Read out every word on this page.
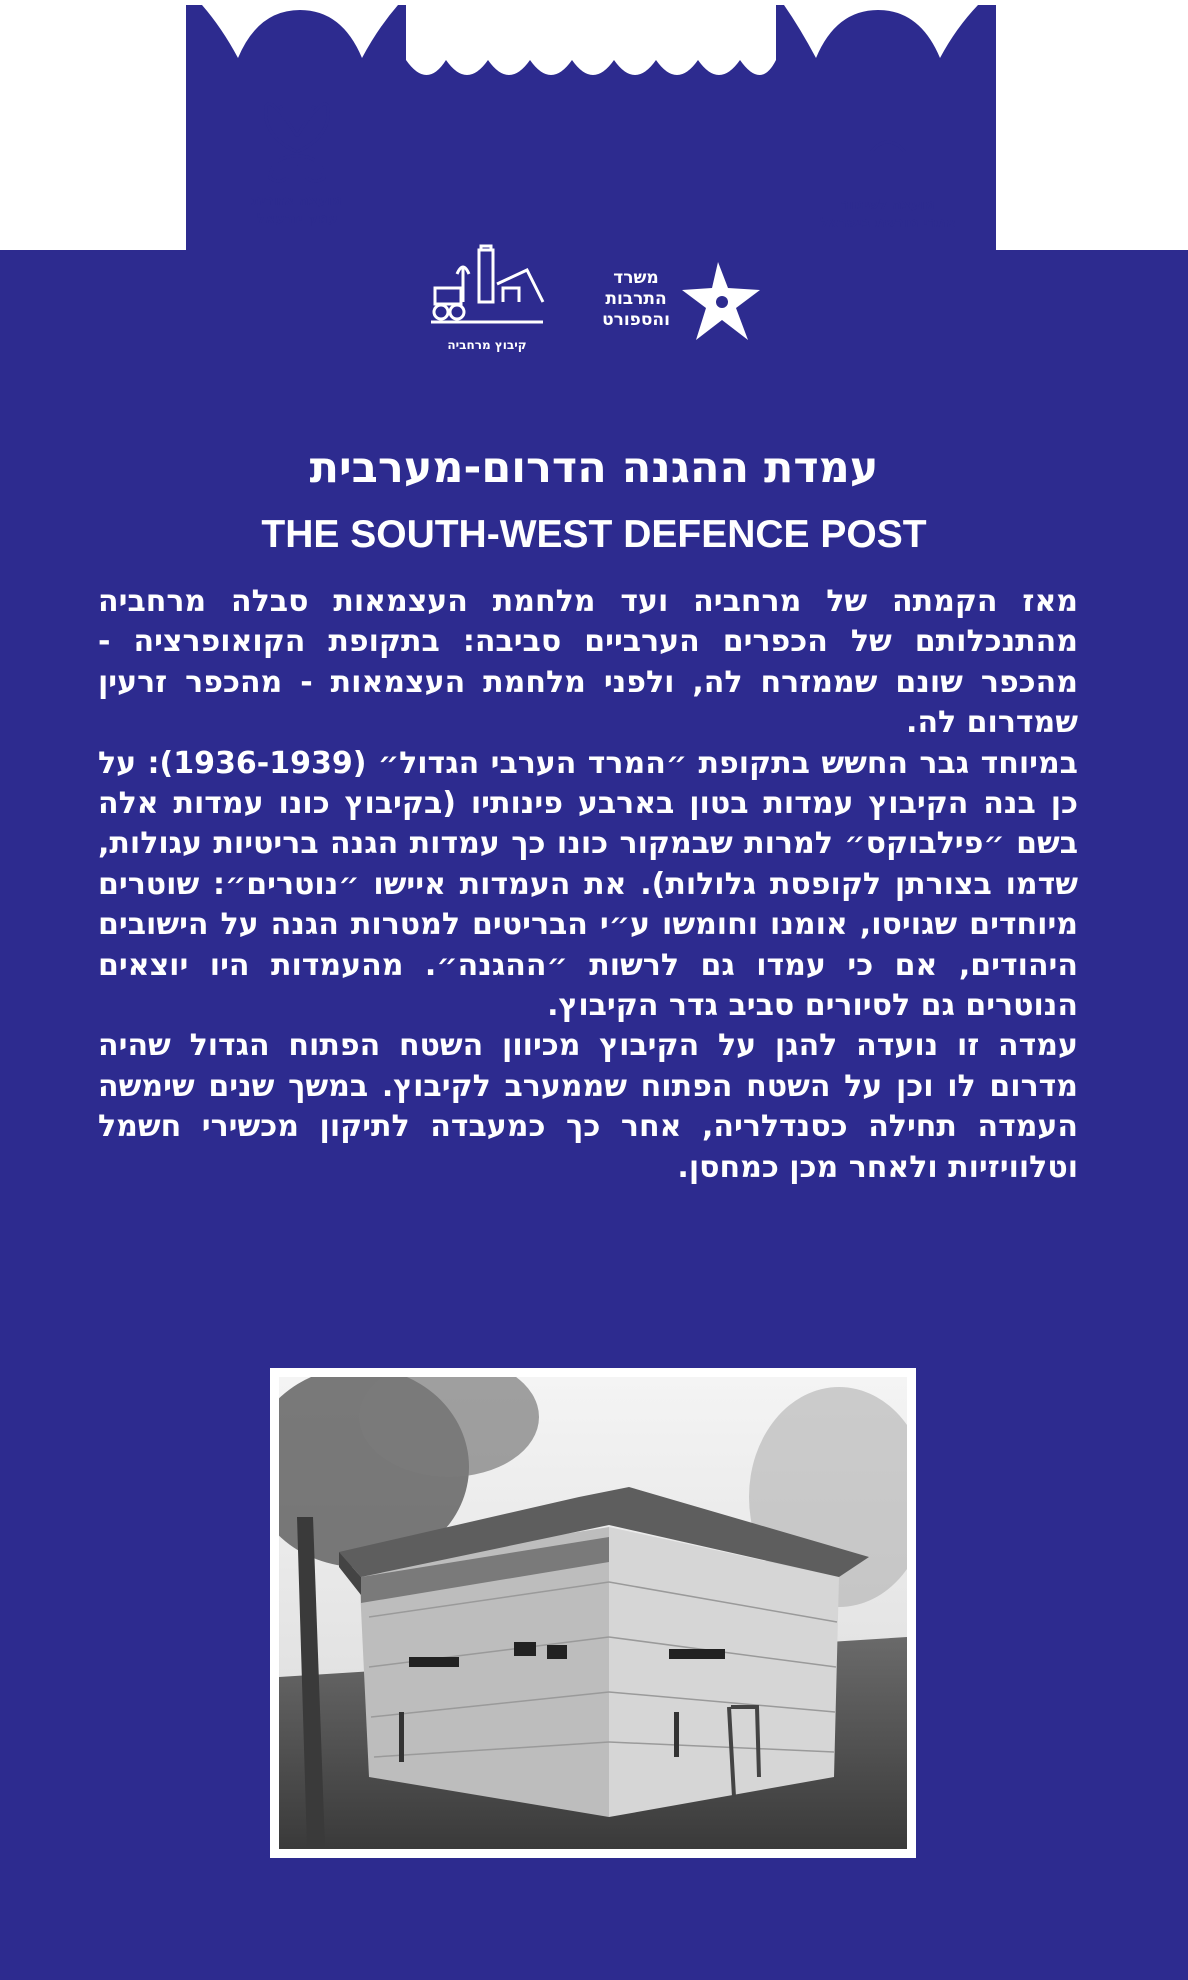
מועצה אזורית
עמק יזרעאל
מועצה לשימור
אתרי מורשת בישראל
קיבוץ מרחביה
משרד
התרבות
והספורט
עמדת ההגנה הדרום-מערבית
THE SOUTH-WEST DEFENCE POST

מאז הקמתה של מרחביה ועד מלחמת העצמאות סבלה מרחביה מהתנכלותם של הכפרים הערביים סביבה: בתקופת הקואופרציה - מהכפר שונם שממזרח לה, ולפני מלחמת העצמאות - מהכפר זרעין שמדרום לה.

במיוחד גבר החשש בתקופת ״המרד הערבי הגדול״ (1936-1939): על כן בנה הקיבוץ עמדות בטון בארבע פינותיו (בקיבוץ כונו עמדות אלה בשם ״פילבוקס״ למרות שבמקור כונו כך עמדות הגנה בריטיות עגולות, שדמו בצורתן לקופסת גלולות). את העמדות איישו ״נוטרים״: שוטרים מיוחדים שגויסו, אומנו וחומשו ע״י הבריטים למטרות הגנה על הישובים היהודים, אם כי עמדו גם לרשות ״ההגנה״. מהעמדות היו יוצאים הנוטרים גם לסיורים סביב גדר הקיבוץ.

עמדה זו נועדה להגן על הקיבוץ מכיוון השטח הפתוח הגדול שהיה מדרום לו וכן על השטח הפתוח שממערב לקיבוץ. במשך שנים שימשה העמדה תחילה כסנדלריה, אחר כך כמעבדה לתיקון מכשירי חשמל וטלוויזיות ולאחר מכן כמחסן.
